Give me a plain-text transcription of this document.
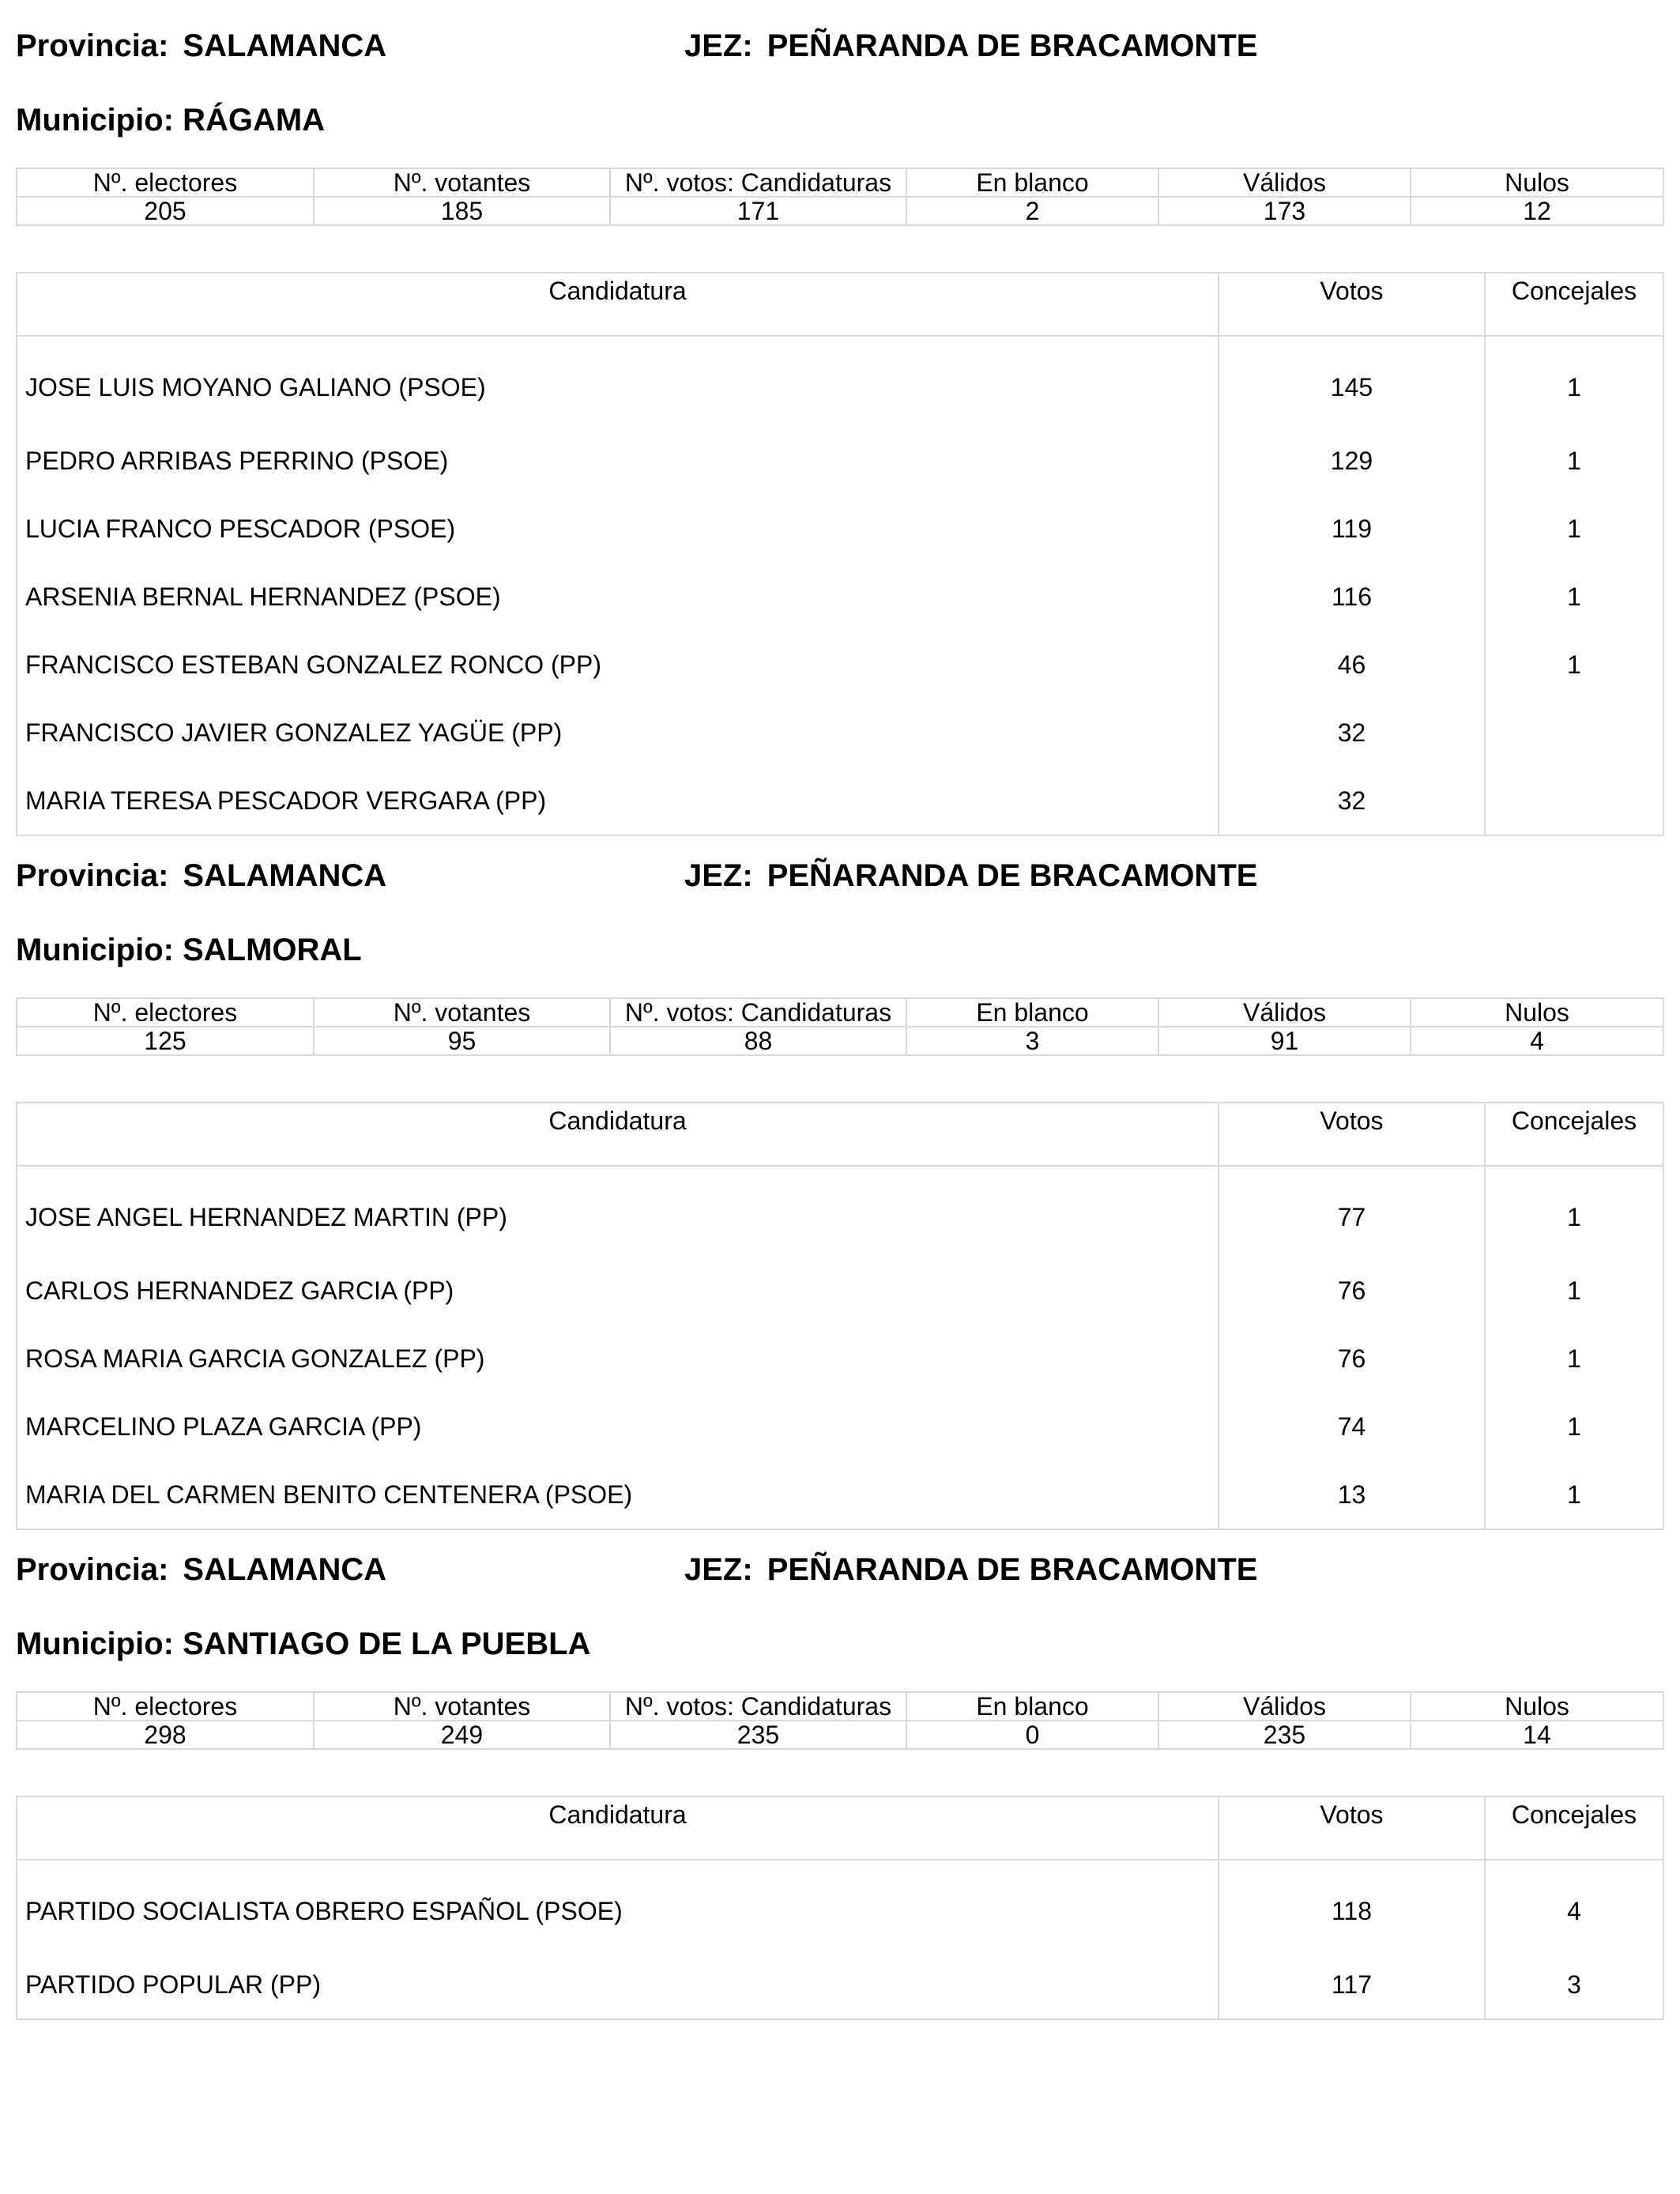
Provincia: SALAMANCA	JEZ: PEÑARANDA DE BRACAMONTE
Municipio: RÁGAMA
Nº. electores	Nº. votantes	Nº. votos: Candidaturas	En blanco	Válidos	Nulos
205	185	171	2	173	12
Candidatura	Votos	Concejales
JOSE LUIS MOYANO GALIANO (PSOE)	145	1
PEDRO ARRIBAS PERRINO (PSOE)	129	1
LUCIA FRANCO PESCADOR (PSOE)	119	1
ARSENIA BERNAL HERNANDEZ (PSOE)	116	1
FRANCISCO ESTEBAN GONZALEZ RONCO (PP)	46	1
FRANCISCO JAVIER GONZALEZ YAGÜE (PP)	32	
MARIA TERESA PESCADOR VERGARA (PP)	32	
Provincia: SALAMANCA	JEZ: PEÑARANDA DE BRACAMONTE
Municipio: SALMORAL
Nº. electores	Nº. votantes	Nº. votos: Candidaturas	En blanco	Válidos	Nulos
125	95	88	3	91	4
Candidatura	Votos	Concejales
JOSE ANGEL HERNANDEZ MARTIN (PP)	77	1
CARLOS HERNANDEZ GARCIA (PP)	76	1
ROSA MARIA GARCIA GONZALEZ (PP)	76	1
MARCELINO PLAZA GARCIA (PP)	74	1
MARIA DEL CARMEN BENITO CENTENERA (PSOE)	13	1
Provincia: SALAMANCA	JEZ: PEÑARANDA DE BRACAMONTE
Municipio: SANTIAGO DE LA PUEBLA
Nº. electores	Nº. votantes	Nº. votos: Candidaturas	En blanco	Válidos	Nulos
298	249	235	0	235	14
Candidatura	Votos	Concejales
PARTIDO SOCIALISTA OBRERO ESPAÑOL (PSOE)	118	4
PARTIDO POPULAR (PP)	117	3
